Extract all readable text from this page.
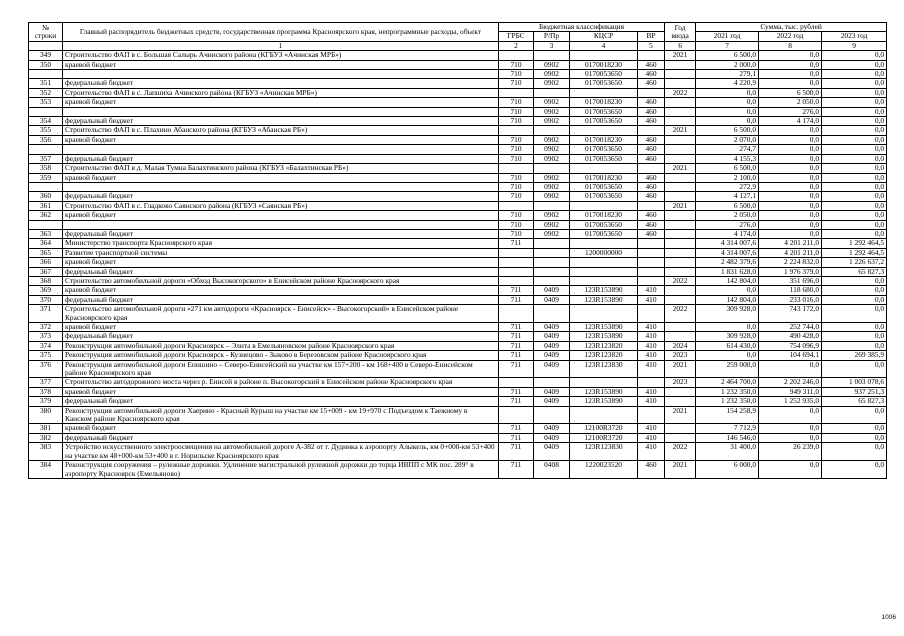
№
строки	Главный распорядитель бюджетных средств, государственная программа Красноярского края, непрограммные расходы, объект	Бюджетная классификация				Год ввода	Сумма, тыс. рублей		
		ГРБС	Р/Пр	КЦСР	ВР		2021 год	2022 год	2023 год
	1	2	3	4	5	6	7	8	9
349	Строительство ФАП в с. Большая Салырь Ачинского района (КГБУЗ «Ачинская МРБ»)					2021	6 500,0	0,0	0,0
350	краевой бюджет	710	0902	0170018230	460		2 000,0	0,0	0,0
		710	0902	0170053650	460		279,1	0,0	0,0
351	федеральный бюджет	710	0902	0170053650	460		4 220,9	0,0	0,0
352	Строительство ФАП в с. Лапшиха Ачинского района (КГБУЗ «Ачинская МРБ»)					2022	0,0	6 500,0	0,0
353	краевой бюджет	710	0902	0170018230	460		0,0	2 050,0	0,0
		710	0902	0170053650	460		0,0	276,0	0,0
354	федеральный бюджет	710	0902	0170053650	460		0,0	4 174,0	0,0
355	Строительство ФАП в с. Плахино Абанского района (КГБУЗ «Абанская РБ»)					2021	6 500,0	0,0	0,0
356	краевой бюджет	710	0902	0170018230	460		2 070,0	0,0	0,0
		710	0902	0170053650	460		274,7	0,0	0,0
357	федеральный бюджет	710	0902	0170053650	460		4 155,3	0,0	0,0
358	Строительство ФАП в д. Малая Тумна Балахтинского района (КГБУЗ «Балахтинская РБ»)					2021	6 500,0	0,0	0,0
359	краевой бюджет	710	0902	0170018230	460		2 100,0	0,0	0,0
		710	0902	0170053650	460		272,9	0,0	0,0
360	федеральный бюджет	710	0902	0170053650	460		4 127,1	0,0	0,0
361	Строительство ФАП в с. Гладково Саянского района (КГБУЗ «Саянская РБ»)					2021	6 500,0	0,0	0,0
362	краевой бюджет	710	0902	0170018230	460		2 050,0	0,0	0,0
		710	0902	0170053650	460		276,0	0,0	0,0
363	федеральный бюджет	710	0902	0170053650	460		4 174,0	0,0	0,0
364	Министерство транспорта Красноярского края	711					4 314 007,6	4 201 211,0	1 292 464,5
365	Развитие транспортной системы			1200000000			4 314 007,6	4 201 211,0	1 292 464,5
366	краевой бюджет						2 482 379,6	2 224 832,0	1 226 637,2
367	федеральный бюджет						1 831 628,0	1 976 379,0	65 827,3
368	Строительство автомобильной дороги «Обход Высокогорского» в Енисейском районе Красноярского края					2022	142 804,0	351 696,0	0,0
369	краевой бюджет	711	0409	123R153890	410		0,0	118 680,0	0,0
370	федеральный бюджет	711	0409	123R153890	410		142 804,0	233 016,0	0,0
371	Строительство автомобильной дороги «271 км автодороги «Красноярск - Енисейск» - Высокогорский» в Енисейском районе Красноярского края					2022	309 928,0	743 172,0	0,0
372	краевой бюджет	711	0409	123R153890	410		0,0	252 744,0	0,0
373	федеральный бюджет	711	0409	123R153890	410		309 928,0	490 428,0	0,0
374	Реконструкция автомобильной дороги Красноярск – Элита в Емельяновском районе Красноярского края	711	0409	123R123820	410	2024	614 430,0	754 096,9	0,0
375	Реконструкция автомобильной дороги Красноярск - Кузнецово - Зыково в Березовском районе Красноярского края	711	0409	123R123820	410	2023	0,0	104 694,1	269 385,9
376	Реконструкция автомобильной дороги Епишино – Северо-Енисейский на участке км 157+200 - км 168+400 в Северо-Енисейском районе Красноярского края	711	0409	123R123830	410	2021	259 000,0	0,0	0,0
377	Строительство автодорожного моста через р. Енисей в районе п. Высокогорский в Енисейском районе Красноярского края					2023	2 464 700,0	2 202 246,0	1 003 078,6
378	краевой бюджет	711	0409	123R153890	410		1 232 350,0	949 311,0	937 251,3
379	федеральный бюджет	711	0409	123R153890	410		1 232 350,0	1 252 935,0	65 827,3
380	Реконструкция автомобильной дороги Хаерино - Красный Курыш на участке км 15+009 - км 19+970 с Подъездом к Таежному в Канском районе Красноярского края					2021	154 258,9	0,0	0,0
381	краевой бюджет	711	0409	12100R3720	410		7 712,9	0,0	0,0
382	федеральный бюджет	711	0409	12100R3720	410		146 546,0	0,0	0,0
383	Устройство искусственного электроосвещения на автомобильной дороге А-382 от г. Дудинка к аэропорту Алыкель, км 0+000-км 53+400 на участке км 48+000-км 53+400 в г. Норильске Красноярского края	711	0409	123R123830	410	2022	31 400,0	26 239,0	0,0
384	Реконструкция сооружения – рулежные дорожки. Удлинение магистральной рулежной дорожки до торца ИВПП с МК пос. 289° в аэропорту Красноярск (Емельяново)	711	0408	1220023520	460	2021	6 000,0	0,0	0,0
1006
